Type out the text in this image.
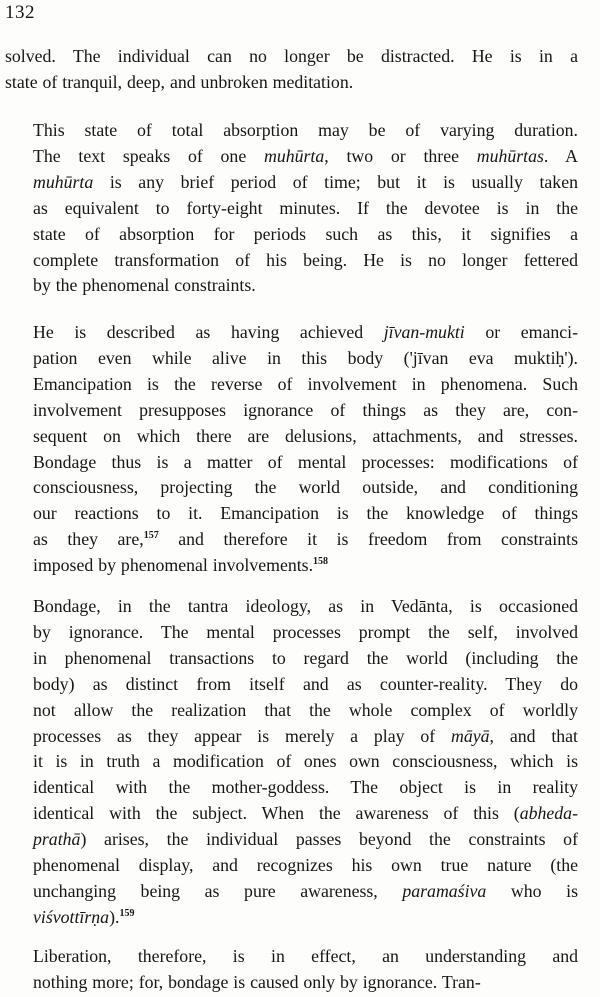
132

solved. The individual can no longer be distracted. He is in a
state of tranquil, deep, and unbroken meditation.

This state of total absorption may be of varying duration.
The text speaks of one muhūrta, two or three muhūrtas. A
muhūrta is any brief period of time; but it is usually taken
as equivalent to forty-eight minutes. If the devotee is in the
state of absorption for periods such as this, it signifies a
complete transformation of his being. He is no longer fettered
by the phenomenal constraints.

He is described as having achieved jīvan-mukti or emanci-
pation even while alive in this body ('jīvan eva muktiḥ').
Emancipation is the reverse of involvement in phenomena. Such
involvement presupposes ignorance of things as they are, con-
sequent on which there are delusions, attachments, and stresses.
Bondage thus is a matter of mental processes: modifications of
consciousness, projecting the world outside, and conditioning
our reactions to it. Emancipation is the knowledge of things
as they are,$^{157}$ and therefore it is freedom from constraints
imposed by phenomenal involvements.$^{158}$

Bondage, in the tantra ideology, as in Vedānta, is occasioned
by ignorance. The mental processes prompt the self, involved
in phenomenal transactions to regard the world (including the
body) as distinct from itself and as counter-reality. They do
not allow the realization that the whole complex of worldly
processes as they appear is merely a play of māyā, and that
it is in truth a modification of ones own consciousness, which is
identical with the mother-goddess. The object is in reality
identical with the subject. When the awareness of this (abheda-
prathā) arises, the individual passes beyond the constraints of
phenomenal display, and recognizes his own true nature (the
unchanging being as pure awareness, paramaśiva who is
viśvottīrṇa).$^{159}$

Liberation, therefore, is in effect, an understanding and
nothing more; for, bondage is caused only by ignorance. Tran-
